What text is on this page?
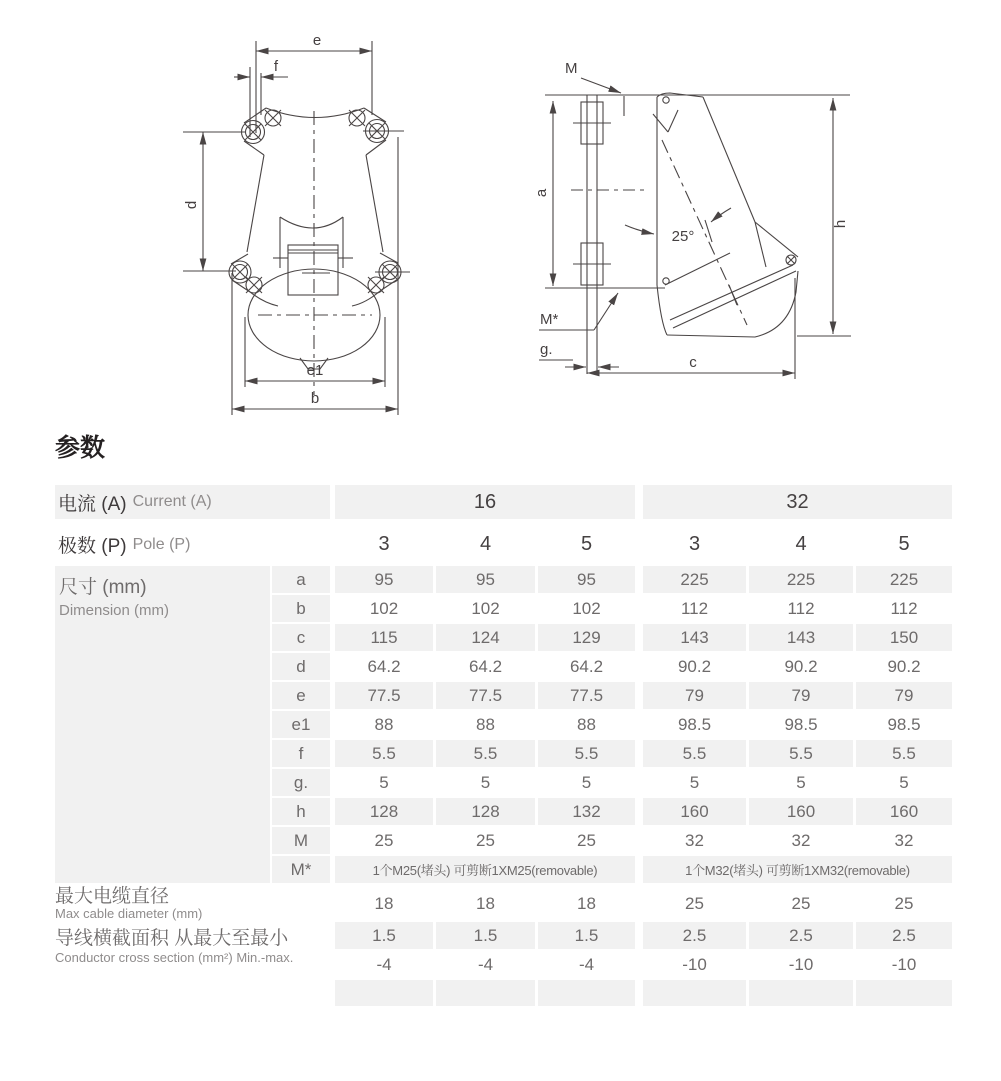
e
f
d
e1
b
M
a
25°
h
M*
g.
c
参数
电流 (A) Current (A)	16	32
极数 (P) Pole (P)	3	4	5	3	4	5
尺寸 (mm)
Dimension (mm)
a	95	95	95	225	225	225
b	102	102	102	112	112	112
c	115	124	129	143	143	150
d	64.2	64.2	64.2	90.2	90.2	90.2
e	77.5	77.5	77.5	79	79	79
e1	88	88	88	98.5	98.5	98.5
f	5.5	5.5	5.5	5.5	5.5	5.5
g.	5	5	5	5	5	5
h	128	128	132	160	160	160
M	25	25	25	32	32	32
M*	1个M25(堵头) 可剪断1XM25(removable)	1个M32(堵头) 可剪断1XM32(removable)
最大电缆直径
Max cable diameter (mm)
18	18	18	25	25	25
导线横截面积 从最大至最小
Conductor cross section (mm²) Min.-max.
1.5	1.5	1.5	2.5	2.5	2.5
-4	-4	-4	-10	-10	-10
